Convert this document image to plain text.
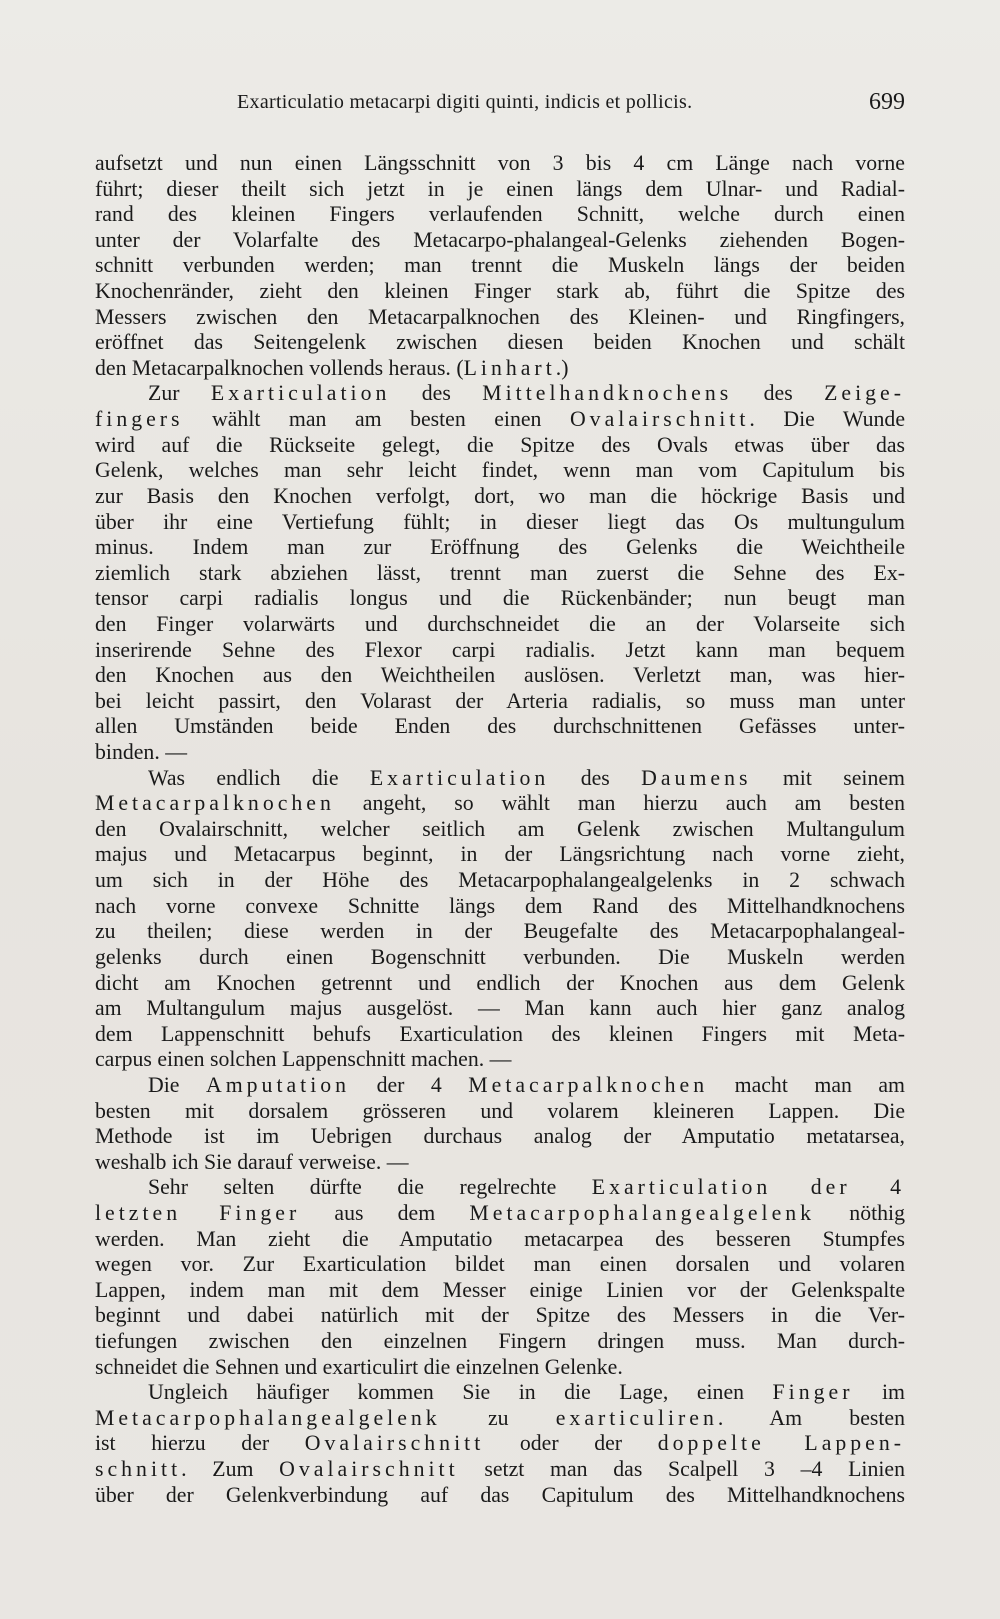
Exarticulatio metacarpi digiti quinti, indicis et pollicis.	699
aufsetzt und nun einen Längsschnitt von 3 bis 4 cm Länge nach vorne
führt; dieser theilt sich jetzt in je einen längs dem Ulnar- und Radial-
rand des kleinen Fingers verlaufenden Schnitt, welche durch einen
unter der Volarfalte des Metacarpo-phalangeal-Gelenks ziehenden Bogen-
schnitt verbunden werden; man trennt die Muskeln längs der beiden
Knochenränder, zieht den kleinen Finger stark ab, führt die Spitze des
Messers zwischen den Metacarpalknochen des Kleinen- und Ringfingers,
eröffnet das Seitengelenk zwischen diesen beiden Knochen und schält
den Metacarpalknochen vollends heraus. (Linhart.)
Zur Exarticulation des Mittelhandknochens des Zeige-
fingers wählt man am besten einen Ovalairschnitt. Die Wunde
wird auf die Rückseite gelegt, die Spitze des Ovals etwas über das
Gelenk, welches man sehr leicht findet, wenn man vom Capitulum bis
zur Basis den Knochen verfolgt, dort, wo man die höckrige Basis und
über ihr eine Vertiefung fühlt; in dieser liegt das Os multungulum
minus. Indem man zur Eröffnung des Gelenks die Weichtheile
ziemlich stark abziehen lässt, trennt man zuerst die Sehne des Ex-
tensor carpi radialis longus und die Rückenbänder; nun beugt man
den Finger volarwärts und durchschneidet die an der Volarseite sich
inserirende Sehne des Flexor carpi radialis. Jetzt kann man bequem
den Knochen aus den Weichtheilen auslösen. Verletzt man, was hier-
bei leicht passirt, den Volarast der Arteria radialis, so muss man unter
allen Umständen beide Enden des durchschnittenen Gefässes unter-
binden. —
Was endlich die Exarticulation des Daumens mit seinem
Metacarpalknochen angeht, so wählt man hierzu auch am besten
den Ovalairschnitt, welcher seitlich am Gelenk zwischen Multangulum
majus und Metacarpus beginnt, in der Längsrichtung nach vorne zieht,
um sich in der Höhe des Metacarpophalangealgelenks in 2 schwach
nach vorne convexe Schnitte längs dem Rand des Mittelhandknochens
zu theilen; diese werden in der Beugefalte des Metacarpophalangeal-
gelenks durch einen Bogenschnitt verbunden. Die Muskeln werden
dicht am Knochen getrennt und endlich der Knochen aus dem Gelenk
am Multangulum majus ausgelöst. — Man kann auch hier ganz analog
dem Lappenschnitt behufs Exarticulation des kleinen Fingers mit Meta-
carpus einen solchen Lappenschnitt machen. —
Die Amputation der 4 Metacarpalknochen macht man am
besten mit dorsalem grösseren und volarem kleineren Lappen. Die
Methode ist im Uebrigen durchaus analog der Amputatio metatarsea,
weshalb ich Sie darauf verweise. —
Sehr selten dürfte die regelrechte Exarticulation der 4
letzten Finger aus dem Metacarpophalangealgelenk nöthig
werden. Man zieht die Amputatio metacarpea des besseren Stumpfes
wegen vor. Zur Exarticulation bildet man einen dorsalen und volaren
Lappen, indem man mit dem Messer einige Linien vor der Gelenkspalte
beginnt und dabei natürlich mit der Spitze des Messers in die Ver-
tiefungen zwischen den einzelnen Fingern dringen muss. Man durch-
schneidet die Sehnen und exarticulirt die einzelnen Gelenke.
Ungleich häufiger kommen Sie in die Lage, einen Finger im
Metacarpophalangealgelenk zu exarticuliren. Am besten
ist hierzu der Ovalairschnitt oder der doppelte Lappen-
schnitt. Zum Ovalairschnitt setzt man das Scalpell 3 –4 Linien
über der Gelenkverbindung auf das Capitulum des Mittelhandknochens
